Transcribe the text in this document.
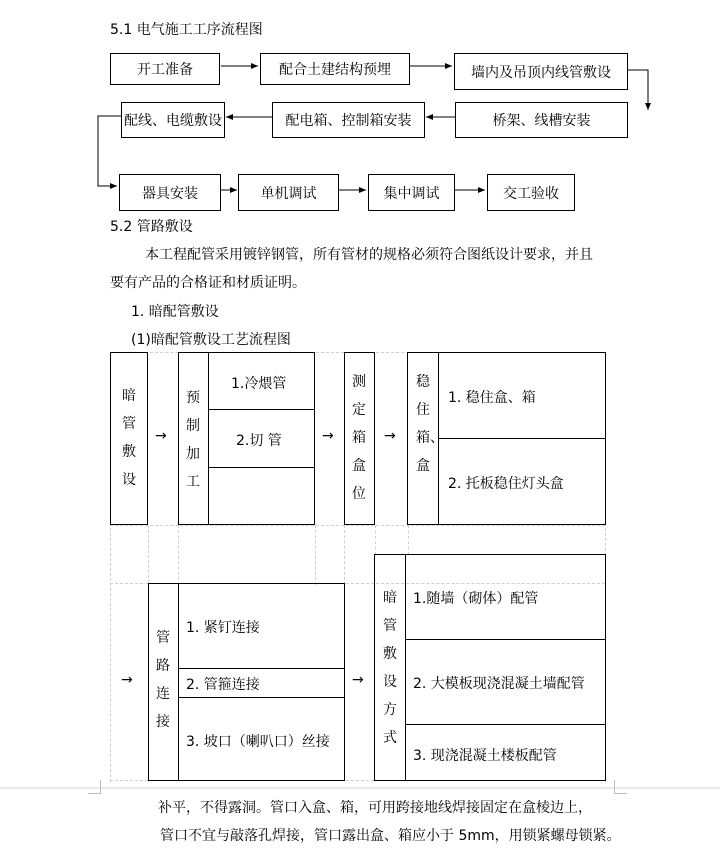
5.1 电气施工工序流程图
开工准备	配合土建结构预埋	墙内及吊顶内线管敷设
配线、电缆敷设	配电箱、控制箱安装	桥架、线槽安装
器具安装	单机调试	集中调试	交工验收
5.2 管路敷设
本工程配管采用镀锌钢管，所有管材的规格必须符合图纸设计要求，并且
要有产品的合格证和材质证明。
1. 暗配管敷设
(1)暗配管敷设工艺流程图
暗管敷设
→
预制加工
1.冷煨管
2.切 管	→
测定箱盒位
→
稳住箱、盒
1. 稳住盒、箱
2. 托板稳住灯头盒
→
管路连接
1. 紧钉连接
2. 管箍连接
3. 坡口（喇叭口）丝接
→
暗管敷设方式
1.随墙（砌体）配管
2. 大模板现浇混凝土墙配管
3. 现浇混凝土楼板配管
补平，不得露洞。管口入盒、箱，可用跨接地线焊接固定在盒棱边上，
管口不宜与敲落孔焊接，管口露出盒、箱应小于 5mm，用锁紧螺母锁紧。
